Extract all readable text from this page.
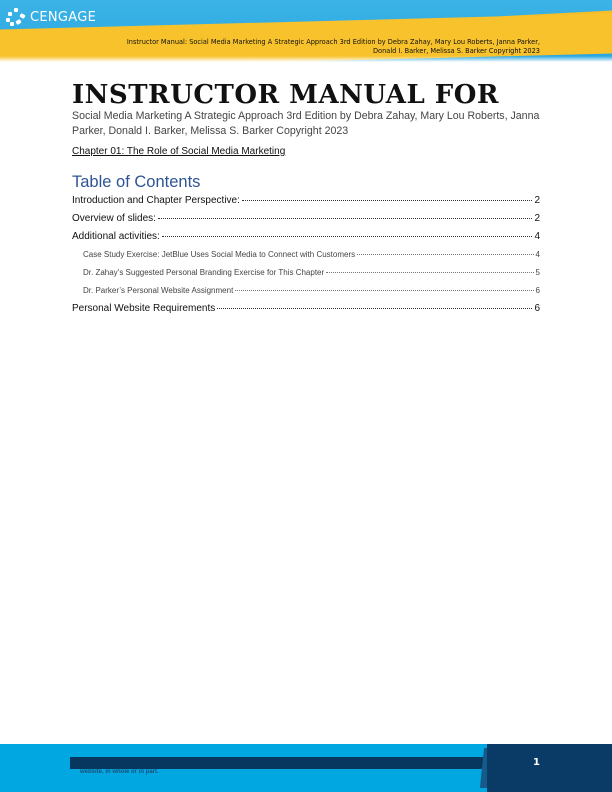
CENGAGE
Instructor Manual: Social Media Marketing A Strategic Approach 3rd Edition by Debra Zahay, Mary Lou Roberts, Janna Parker,
Donald I. Barker, Melissa S. Barker Copyright 2023
INSTRUCTOR MANUAL FOR
Social Media Marketing A Strategic Approach 3rd Edition by Debra Zahay, Mary Lou Roberts, Janna Parker, Donald I. Barker, Melissa S. Barker Copyright 2023
Chapter 01: The Role of Social Media Marketing
Table of Contents
Introduction and Chapter Perspective:	2
Overview of slides:	2
Additional activities:	4
Case Study Exercise: JetBlue Uses Social Media to Connect with Customers	4
Dr. Zahay’s Suggested Personal Branding Exercise for This Chapter	5
Dr. Parker’s Personal Website Assignment	6
Personal Website Requirements	6
website, in whole or in part.
1
